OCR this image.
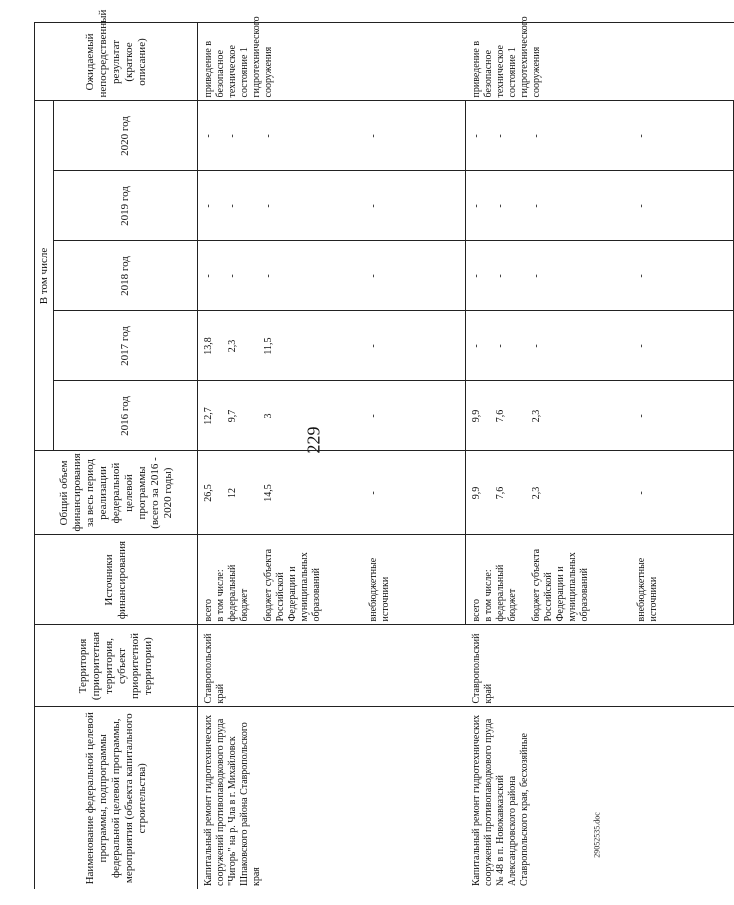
229
29052535.doc
Наименование федеральной целевой программы, подпрограммы федеральной целевой программы, мероприятия (объекта капитального строительства)	Территория (приоритетная территория, субъект приоритетной территории)	Источники финансирования	Общий объем финансирования за весь период реализации федеральной целевой программы (всего за 2016 - 2020 годы)	В том числе					Ожидаемый непосредственный результат (краткое описание)
				2016 год	2017 год	2018 год	2019 год	2020 год	
Капитальный ремонт гидротехнических сооружений противопаводкового пруда "Чигорь" на р. Чла в г. Михайловск Шпаковского района Ставропольского края	Ставропольский край	всего в том числе: федеральный бюджет бюджет субъекта Российской Федерации и муниципальных образований	26,5 12 14,5	12,7 9,7 3	13,8 2,3 11,5	- - -	- - -	- - -	приведение в безопасное техническое состояние 1 гидротехнического сооружения

		внебюджетные источники	-	-	-	-	-	-	
Капитальный ремонт гидротехнических сооружений противопаводкового пруда № 48 в п. Новокавказский Александровского района Ставропольского края, бесхозяйные	Ставропольский край	всего в том числе: федеральный бюджет бюджет субъекта Российской Федерации и муниципальных образований	9,9 7,6 2,3	9,9 7,6 2,3	- - -	- - -	- - -	- - -	приведение в безопасное техническое состояние 1 гидротехнического сооружения

		внебюджетные источники	-	-	-	-	-	-	
